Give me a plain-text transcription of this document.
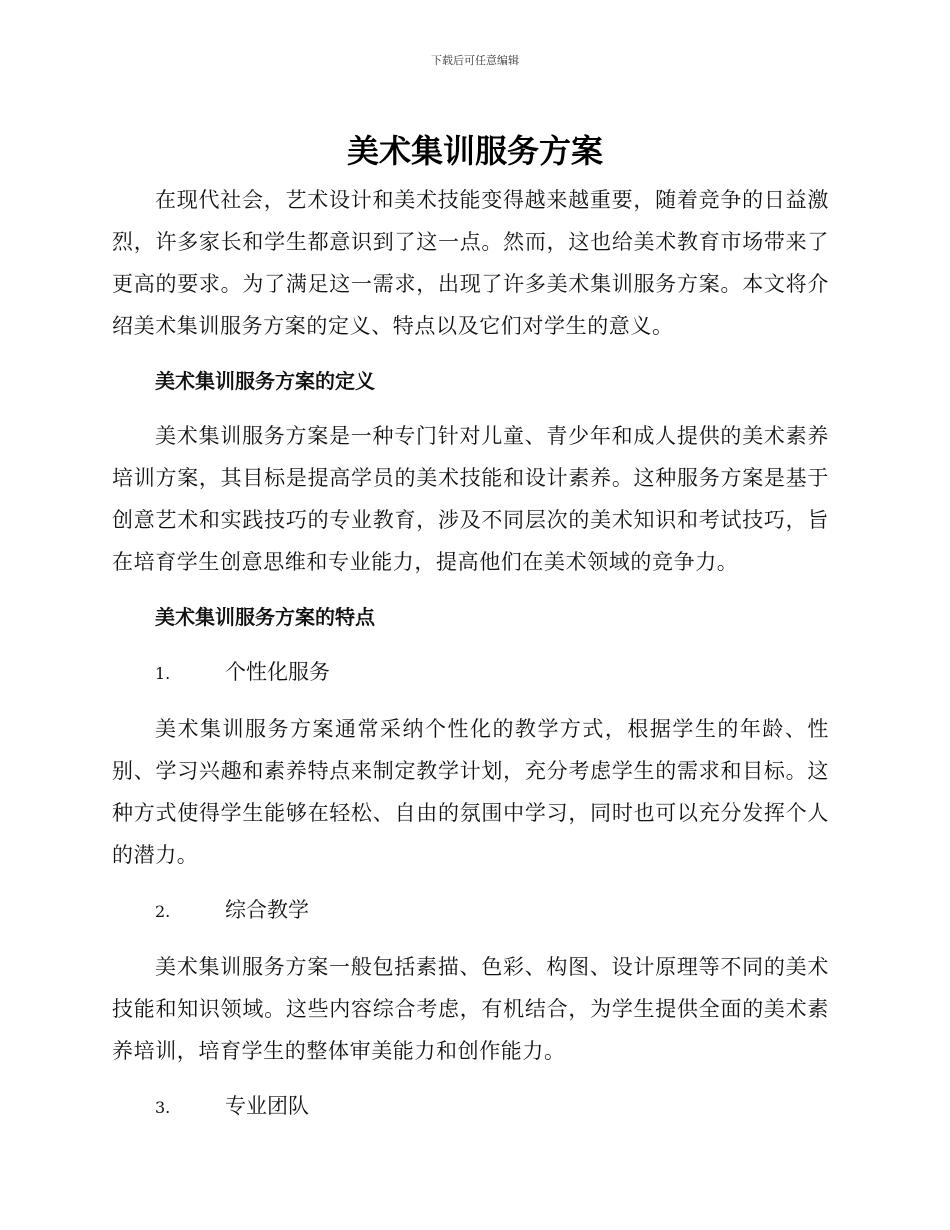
下载后可任意编辑
美术集训服务方案

在现代社会，艺术设计和美术技能变得越来越重要，随着竞争的日益激烈，许多家长和学生都意识到了这一点。然而，这也给美术教育市场带来了更高的要求。为了满足这一需求，出现了许多美术集训服务方案。本文将介绍美术集训服务方案的定义、特点以及它们对学生的意义。

美术集训服务方案的定义

美术集训服务方案是一种专门针对儿童、青少年和成人提供的美术素养培训方案，其目标是提高学员的美术技能和设计素养。这种服务方案是基于创意艺术和实践技巧的专业教育，涉及不同层次的美术知识和考试技巧，旨在培育学生创意思维和专业能力，提高他们在美术领域的竞争力。

美术集训服务方案的特点

1.	个性化服务

美术集训服务方案通常采纳个性化的教学方式，根据学生的年龄、性别、学习兴趣和素养特点来制定教学计划，充分考虑学生的需求和目标。这种方式使得学生能够在轻松、自由的氛围中学习，同时也可以充分发挥个人的潜力。

2.	综合教学

美术集训服务方案一般包括素描、色彩、构图、设计原理等不同的美术技能和知识领域。这些内容综合考虑，有机结合，为学生提供全面的美术素养培训，培育学生的整体审美能力和创作能力。

3.	专业团队
